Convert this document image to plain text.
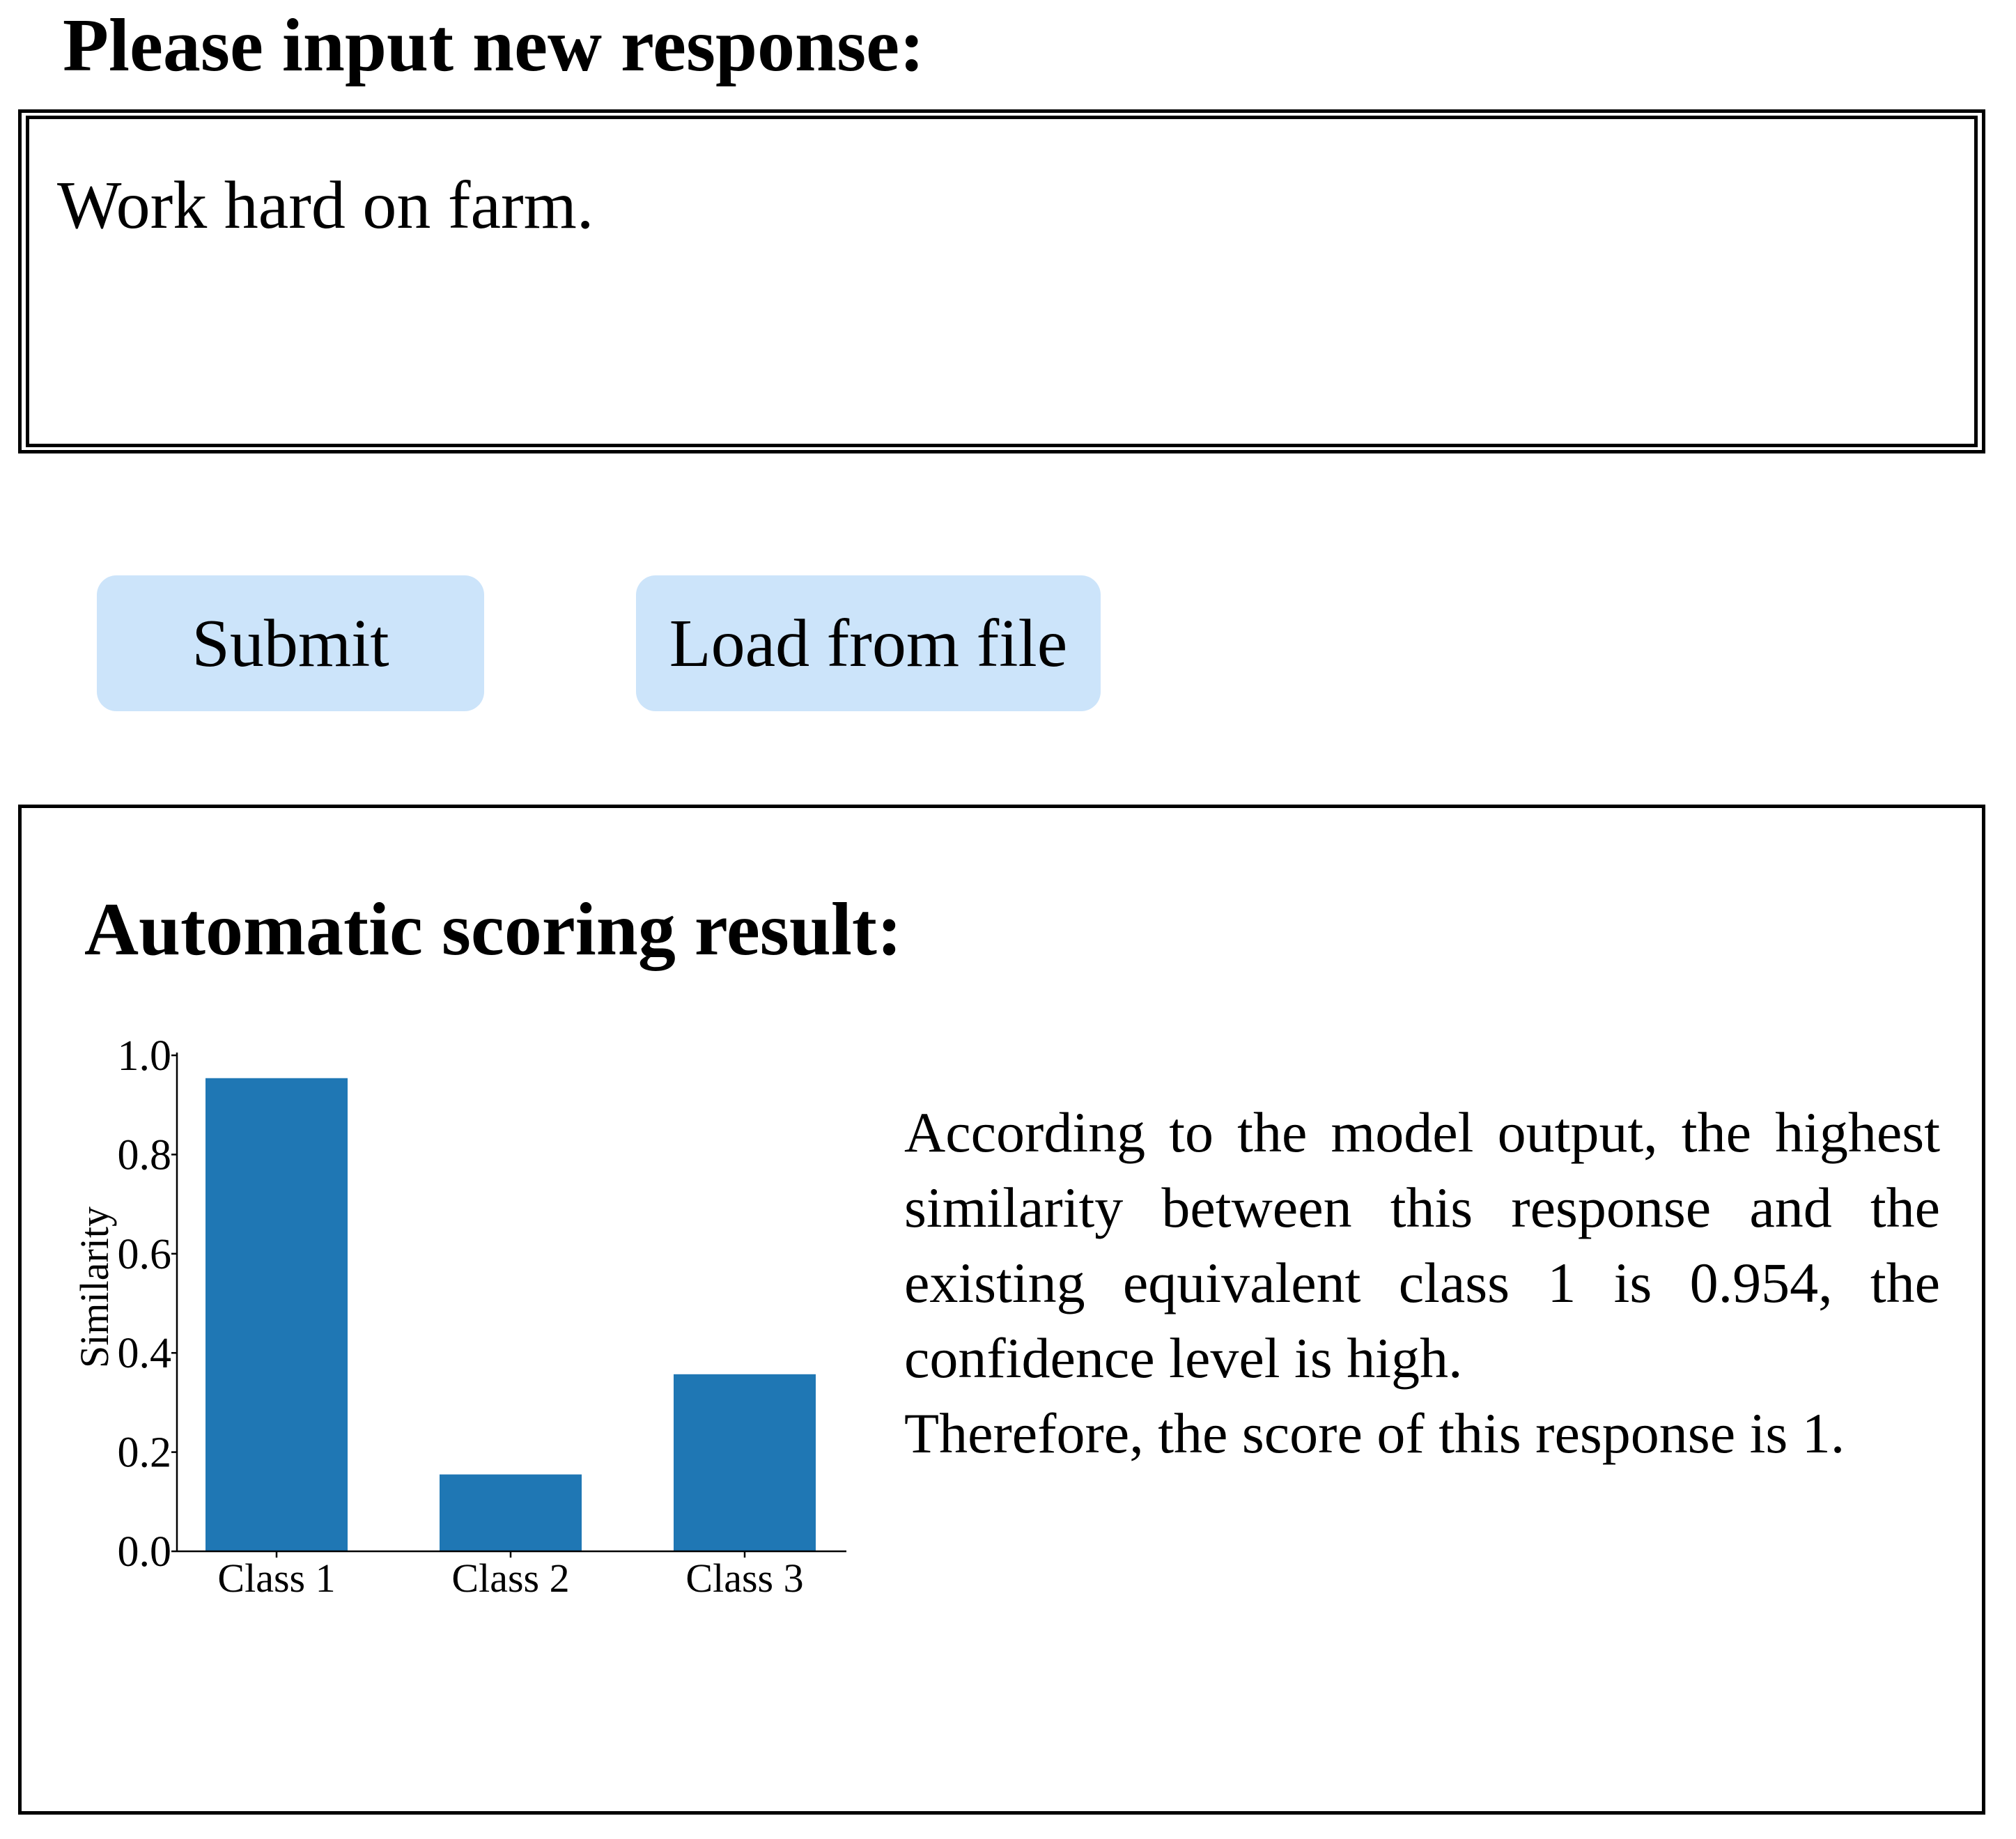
Please input new response:
Work hard on farm.
Submit	Load from file
Automatic scoring result:
0.0
0.2
0.4
0.6
0.8
1.0
Class 1	Class 2	Class 3
Similarity
According to the model output, the highest similarity between this response and the existing equivalent class 1 is 0.954, the confidence level is high.
Therefore, the score of this response is 1.
